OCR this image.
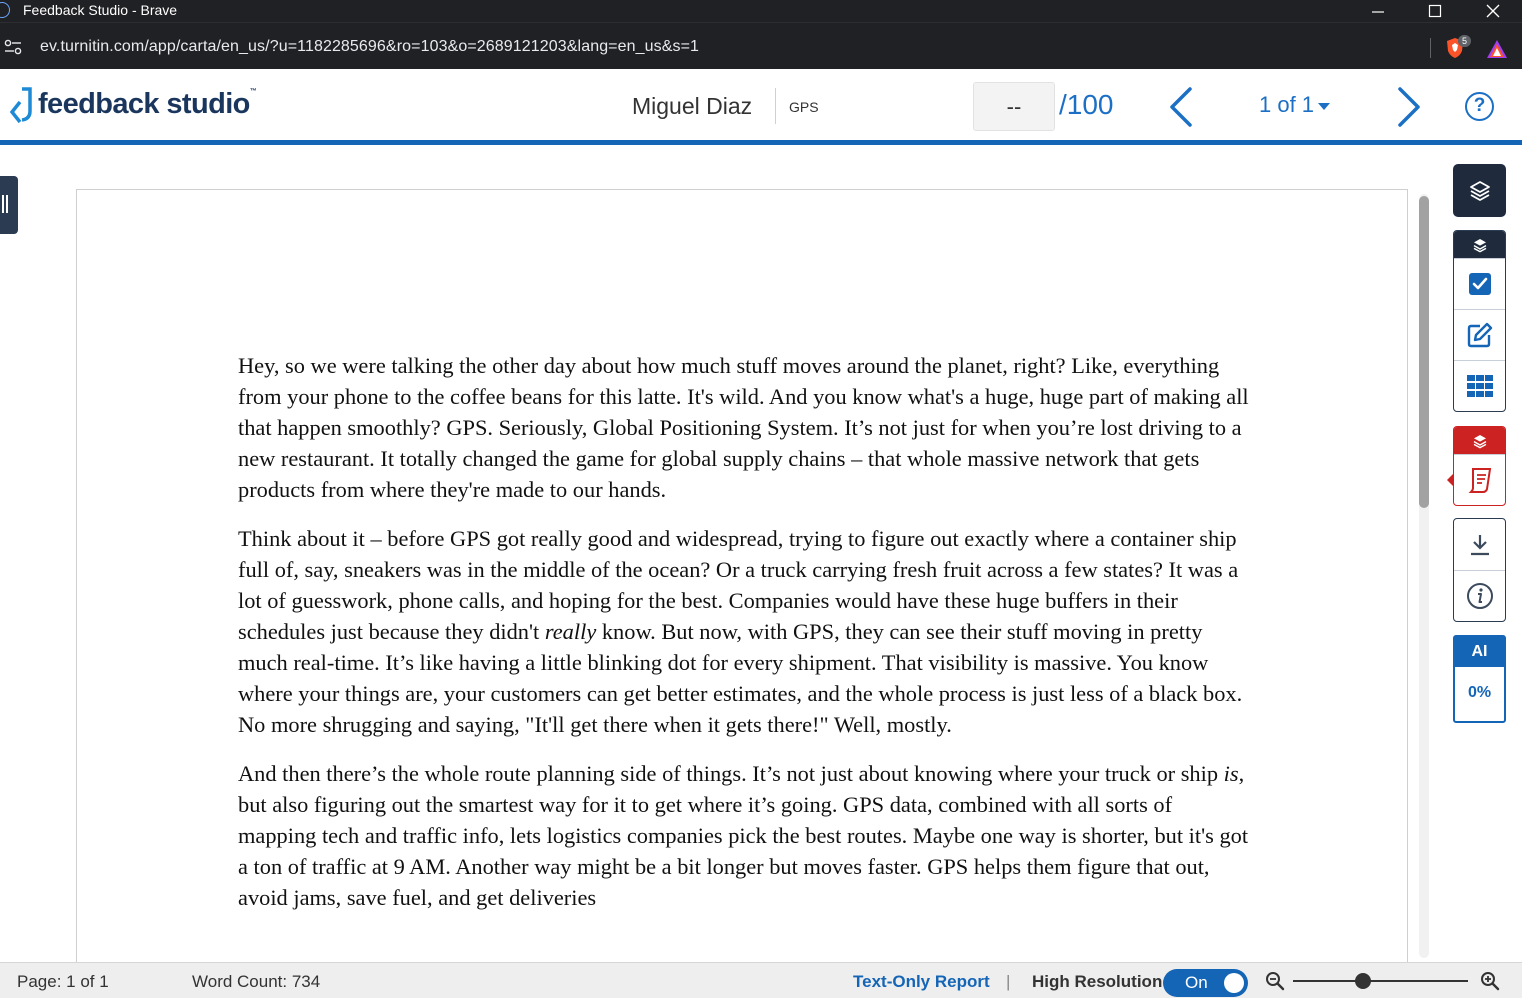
Feedback Studio - Brave
ev.turnitin.com/app/carta/en_us/?u=1182285696&ro=103&o=2689121203&lang=en_us&s=1	5
feedback studio™
Miguel Diaz	GPS	--	/100	1 of 1	?

Hey, so we were talking the other day about how much stuff moves around the planet, right? Like, everything from your phone to the coffee beans for this latte. It's wild. And you know what's a huge, huge part of making all that happen smoothly? GPS. Seriously, Global Positioning System. It’s not just for when you’re lost driving to a new restaurant. It totally changed the game for global supply chains – that whole massive network that gets products from where they're made to our hands.

Think about it – before GPS got really good and widespread, trying to figure out exactly where a container ship full of, say, sneakers was in the middle of the ocean? Or a truck carrying fresh fruit across a few states? It was a lot of guesswork, phone calls, and hoping for the best. Companies would have these huge buffers in their schedules just because they didn't really know. But now, with GPS, they can see their stuff moving in pretty much real-time. It’s like having a little blinking dot for every shipment. That visibility is massive. You know where your things are, your customers can get better estimates, and the whole process is just less of a black box. No more shrugging and saying, "It'll get there when it gets there!" Well, mostly.

And then there’s the whole route planning side of things. It’s not just about knowing where your truck or ship is, but also figuring out the smartest way for it to get where it’s going. GPS data, combined with all sorts of mapping tech and traffic info, lets logistics companies pick the best routes. Maybe one way is shorter, but it's got a ton of traffic at 9 AM. Another way might be a bit longer but moves faster. GPS helps them figure that out, avoid jams, save fuel, and get deliveries

AI
0%
Page: 1 of 1	Word Count: 734	Text-Only Report | High Resolution On
